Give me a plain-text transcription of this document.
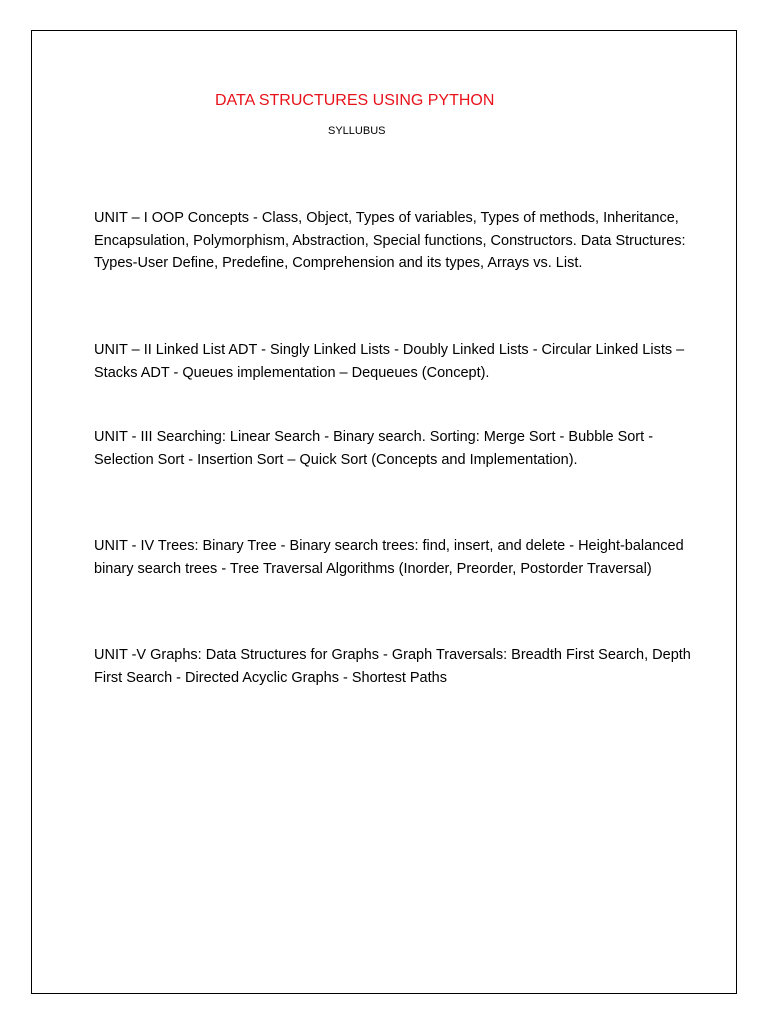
DATA STRUCTURES USING PYTHON
SYLLUBUS
UNIT – I OOP Concepts - Class, Object, Types of variables, Types of methods, Inheritance, Encapsulation, Polymorphism, Abstraction, Special functions, Constructors. Data Structures: Types-User Define, Predefine, Comprehension and its types, Arrays vs. List.
UNIT – II Linked List ADT - Singly Linked Lists - Doubly Linked Lists - Circular Linked Lists – Stacks ADT - Queues implementation – Dequeues (Concept).
UNIT - III Searching: Linear Search - Binary search. Sorting: Merge Sort - Bubble Sort - Selection Sort - Insertion Sort – Quick Sort (Concepts and Implementation).
UNIT - IV Trees: Binary Tree - Binary search trees: find, insert, and delete - Height-balanced binary search trees - Tree Traversal Algorithms (Inorder, Preorder, Postorder Traversal)
UNIT -V Graphs: Data Structures for Graphs - Graph Traversals: Breadth First Search, Depth First Search - Directed Acyclic Graphs - Shortest Paths
